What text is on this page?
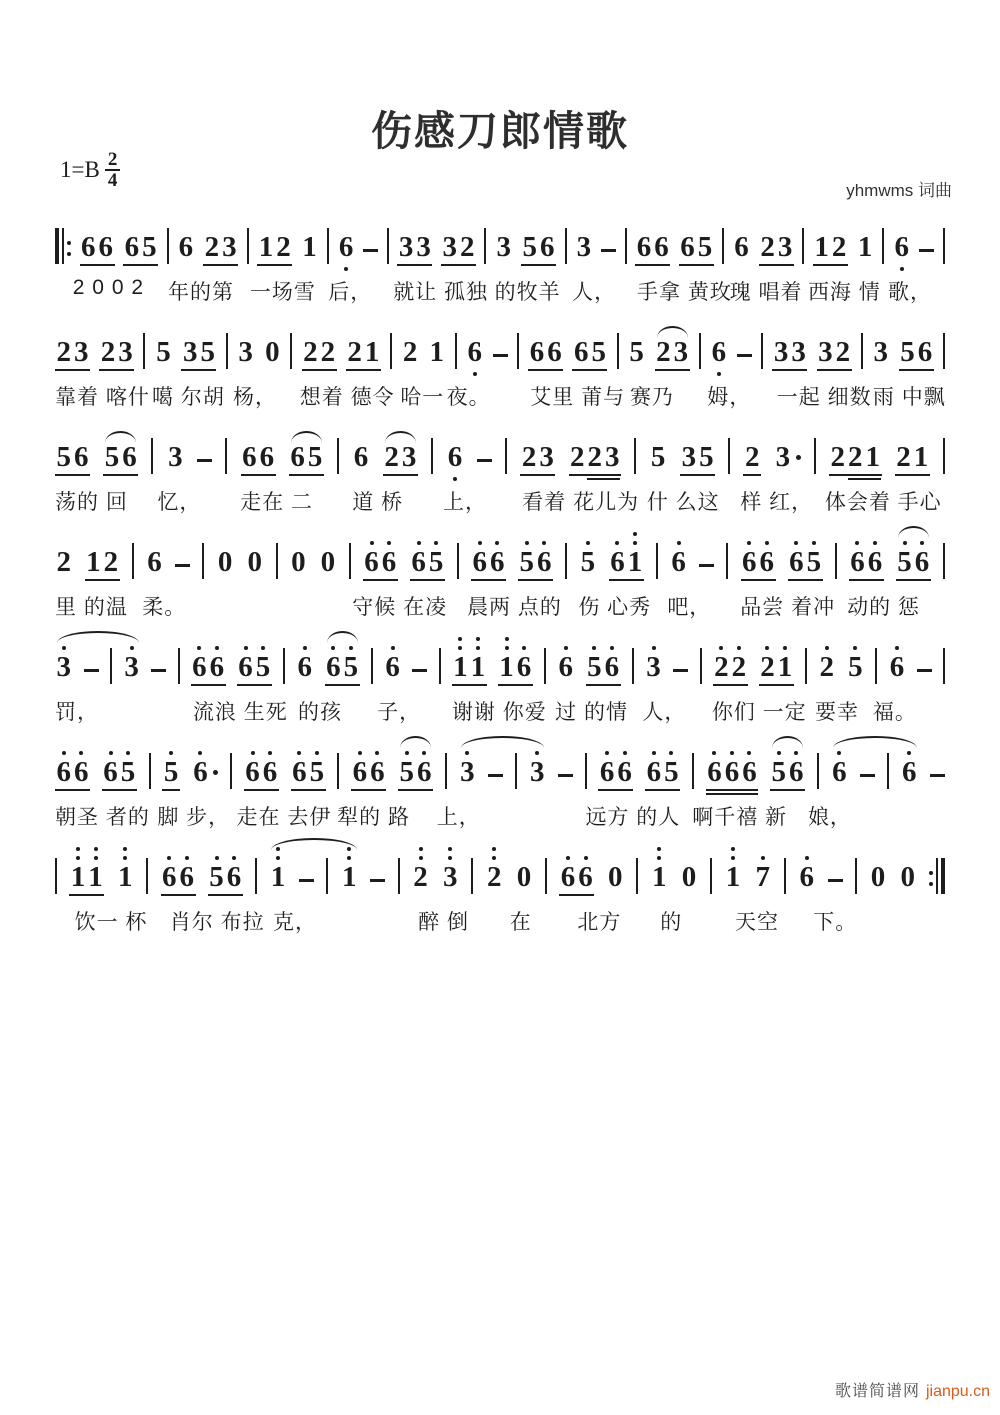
伤感刀郎情歌
$1=B \frac{2}{4}$	yhmwms 词曲
6 6 6 5 6 2 3 1 2 1 6 3 3 3 2 3 5 6 3 6 6 6 5 6 2 3 1 2 1 6
2 0 0 2 年的第 一场雪 后， 就让 孤独 的牧羊 人， 手拿 黄玫
瑰 唱着 西海 情 歌，
2 3 2 3 5 3 5 3 0 2 2 2 1 2 1 6 6 6 6 5 5 2 3 6 3 3 3 2 3 5 6
靠着 喀什 噶 尔胡 杨， 想着 德令 哈一 夜。 艾里 莆与 赛乃 姆， 一起 细数 雨 中飘
5 6 5 6 3 6 6 6 5 6 2 3 6 2 3 2 2 3 5 3 5 2 3 2 2 1 2 1
荡的 回 忆， 走在 二 道 桥 上， 看着 花儿为 什 么这 样 红， 体会着 手心
2 1 2 6 0 0 0 0 6 6 6 5 6 6 5 6 5 6 1 6 6 6 6 5 6 6 5 6
里 的温 柔。	守候 在凌 晨两 点的 伤 心秀 吧， 品尝 着冲 动的 惩
3 3 6 6 6 5 6 6 5 6 1 1 1 6 6 5 6 3 2 2 2 1 2 5 6
罚，	流浪 生死 的孩 子， 谢谢 你爱 过 的情 人， 你们 一定 要幸 福。
6 6 6 5 5 6 6 6 6 5 6 6 5 6 3 3 6 6 6 5 6 6 6 5 6 6 6
朝圣 者的 脚 步， 走在 去伊 犁的 路 上，	远方 的人 啊千禧 新 娘，
1 1 1 6 6 5 6 1 1 2 3 2 0 6 6 0 1 0 1 7 6 0 0
饮一 杯 肖尔 布拉 克，	醉 倒 在 北方 的	天空 下。
歌谱简谱网 jianpu.cn
